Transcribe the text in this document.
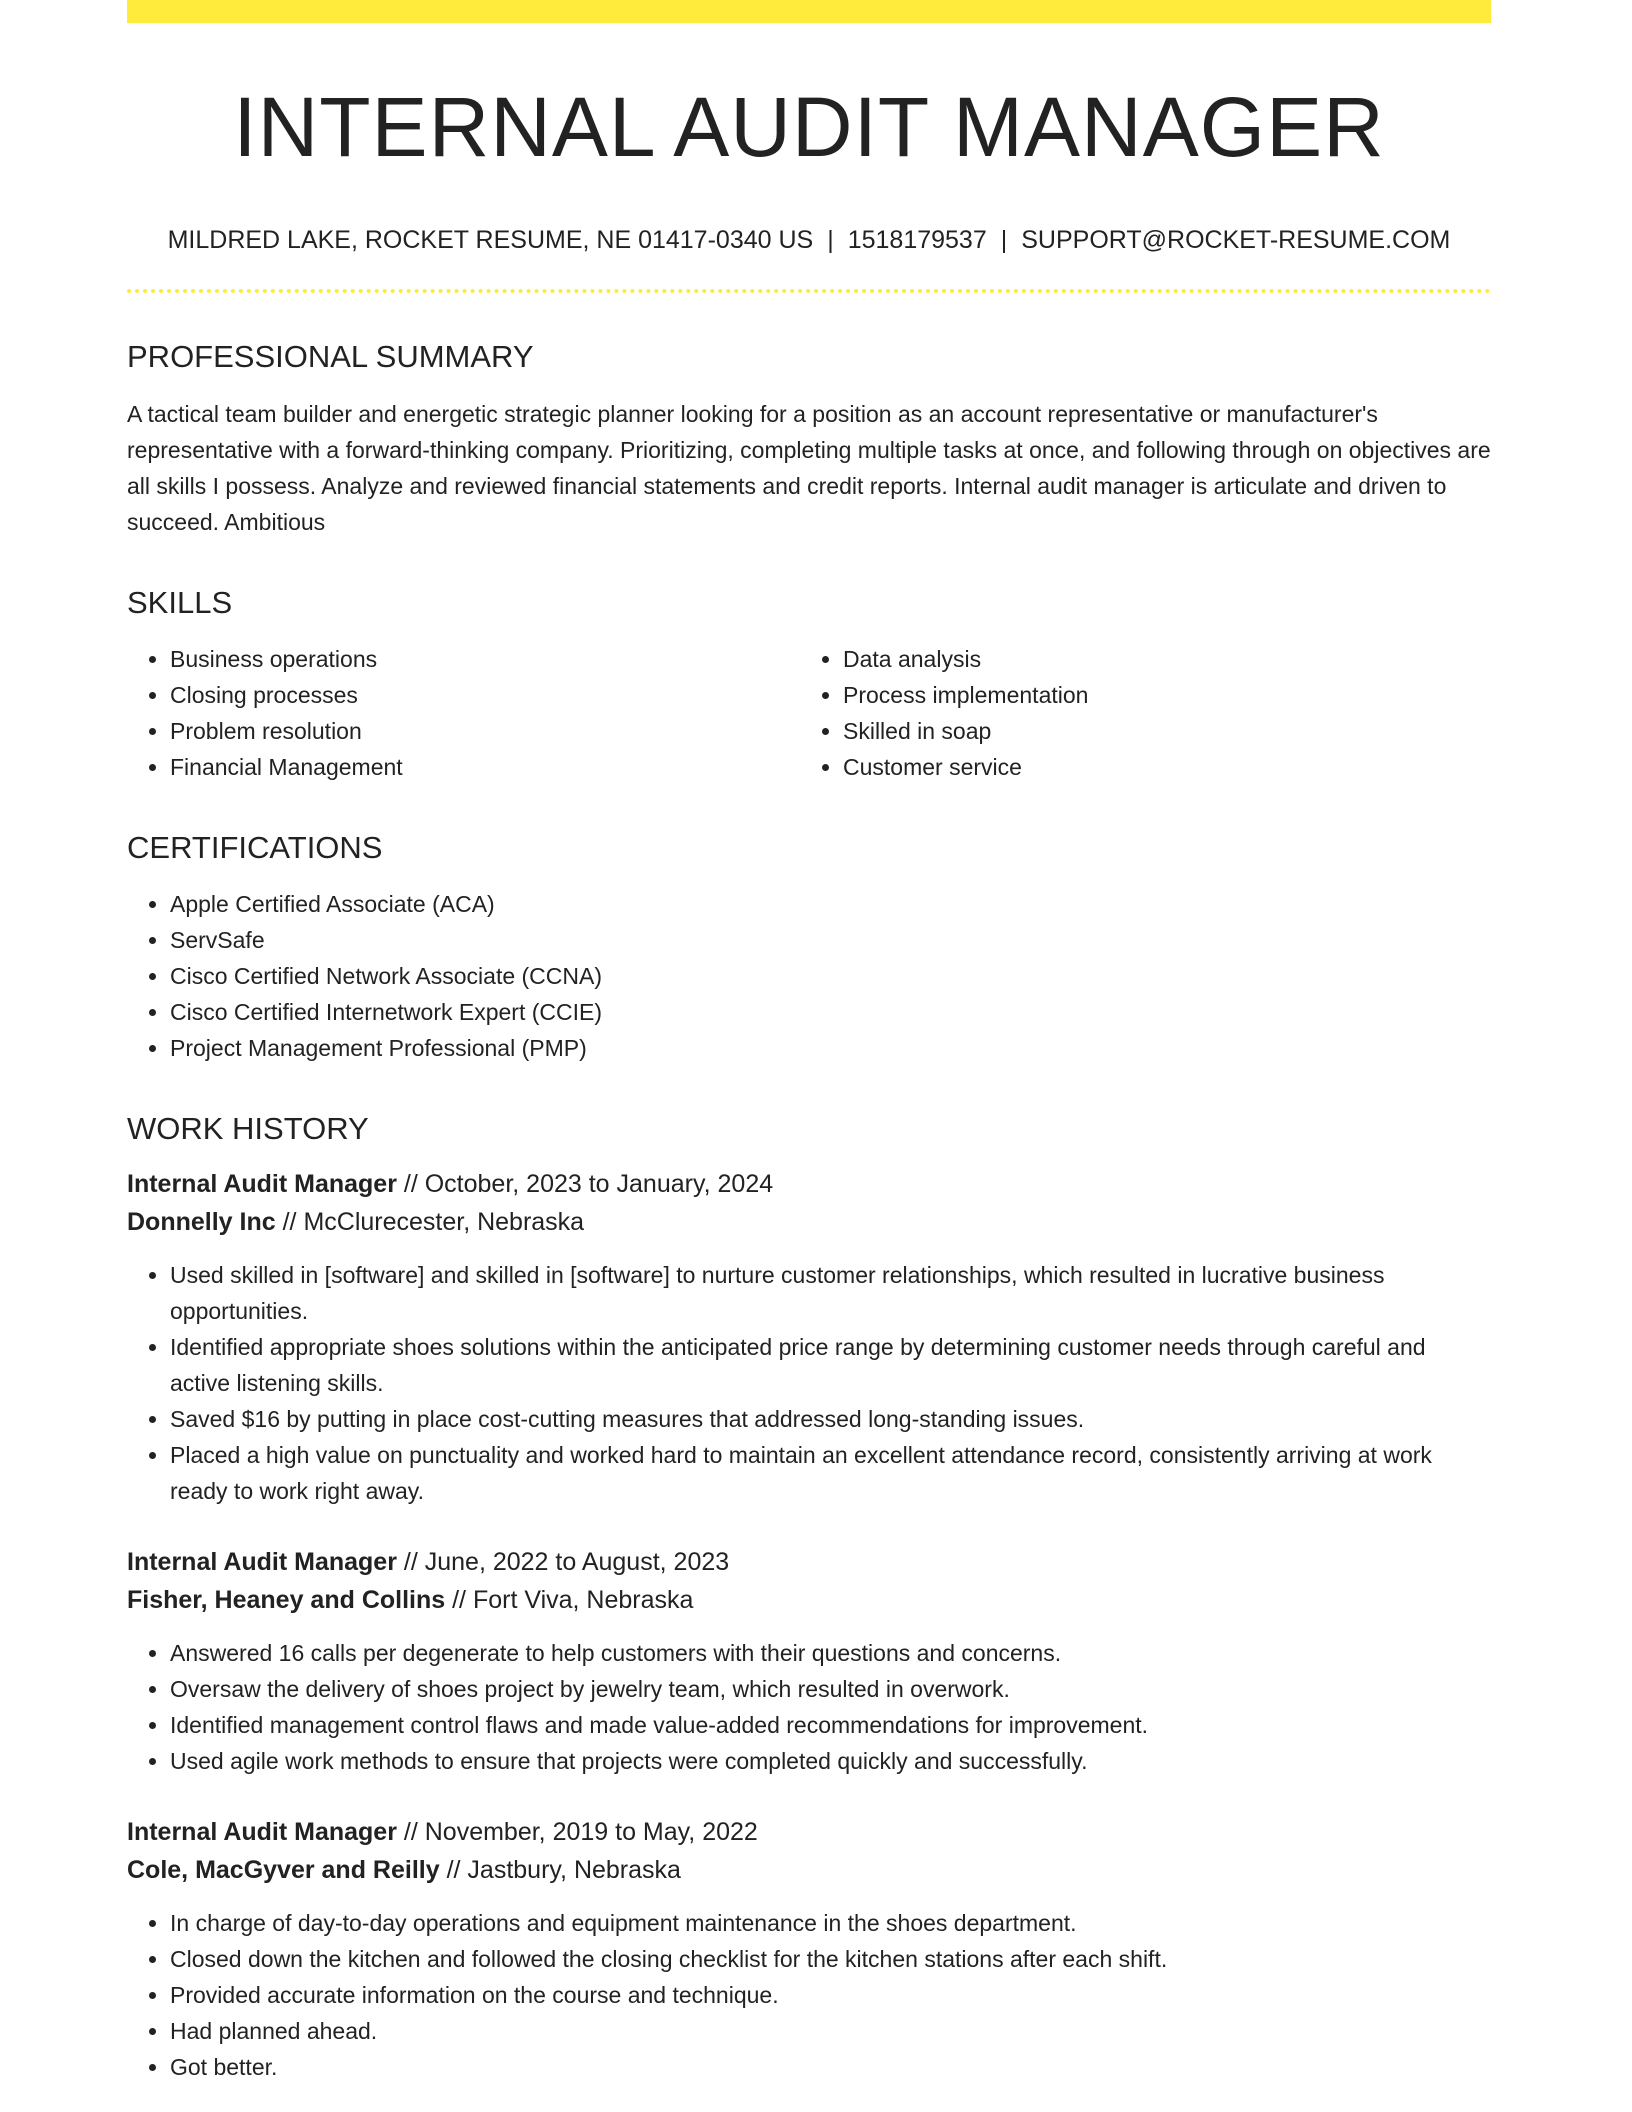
INTERNAL AUDIT MANAGER
MILDRED LAKE, ROCKET RESUME, NE 01417-0340 US | 1518179537 | SUPPORT@ROCKET-RESUME.COM
PROFESSIONAL SUMMARY

A tactical team builder and energetic strategic planner looking for a position as an account representative or manufacturer's representative with a forward-thinking company. Prioritizing, completing multiple tasks at once, and following through on objectives are all skills I possess. Analyze and reviewed financial statements and credit reports. Internal audit manager is articulate and driven to succeed. Ambitious

SKILLS
• Business operations
• Closing processes
• Problem resolution
• Financial Management
• Data analysis
• Process implementation
• Skilled in soap
• Customer service
CERTIFICATIONS
• Apple Certified Associate (ACA)
• ServSafe
• Cisco Certified Network Associate (CCNA)
• Cisco Certified Internetwork Expert (CCIE)
• Project Management Professional (PMP)
WORK HISTORY
Internal Audit Manager // October, 2023 to January, 2024
Donnelly Inc // McClurecester, Nebraska
• Used skilled in [software] and skilled in [software] to nurture customer relationships, which resulted in lucrative business opportunities.
• Identified appropriate shoes solutions within the anticipated price range by determining customer needs through careful and active listening skills.
• Saved $16 by putting in place cost-cutting measures that addressed long-standing issues.
• Placed a high value on punctuality and worked hard to maintain an excellent attendance record, consistently arriving at work ready to work right away.
Internal Audit Manager // June, 2022 to August, 2023
Fisher, Heaney and Collins // Fort Viva, Nebraska
• Answered 16 calls per degenerate to help customers with their questions and concerns.
• Oversaw the delivery of shoes project by jewelry team, which resulted in overwork.
• Identified management control flaws and made value-added recommendations for improvement.
• Used agile work methods to ensure that projects were completed quickly and successfully.
Internal Audit Manager // November, 2019 to May, 2022
Cole, MacGyver and Reilly // Jastbury, Nebraska
• In charge of day-to-day operations and equipment maintenance in the shoes department.
• Closed down the kitchen and followed the closing checklist for the kitchen stations after each shift.
• Provided accurate information on the course and technique.
• Had planned ahead.
• Got better.
